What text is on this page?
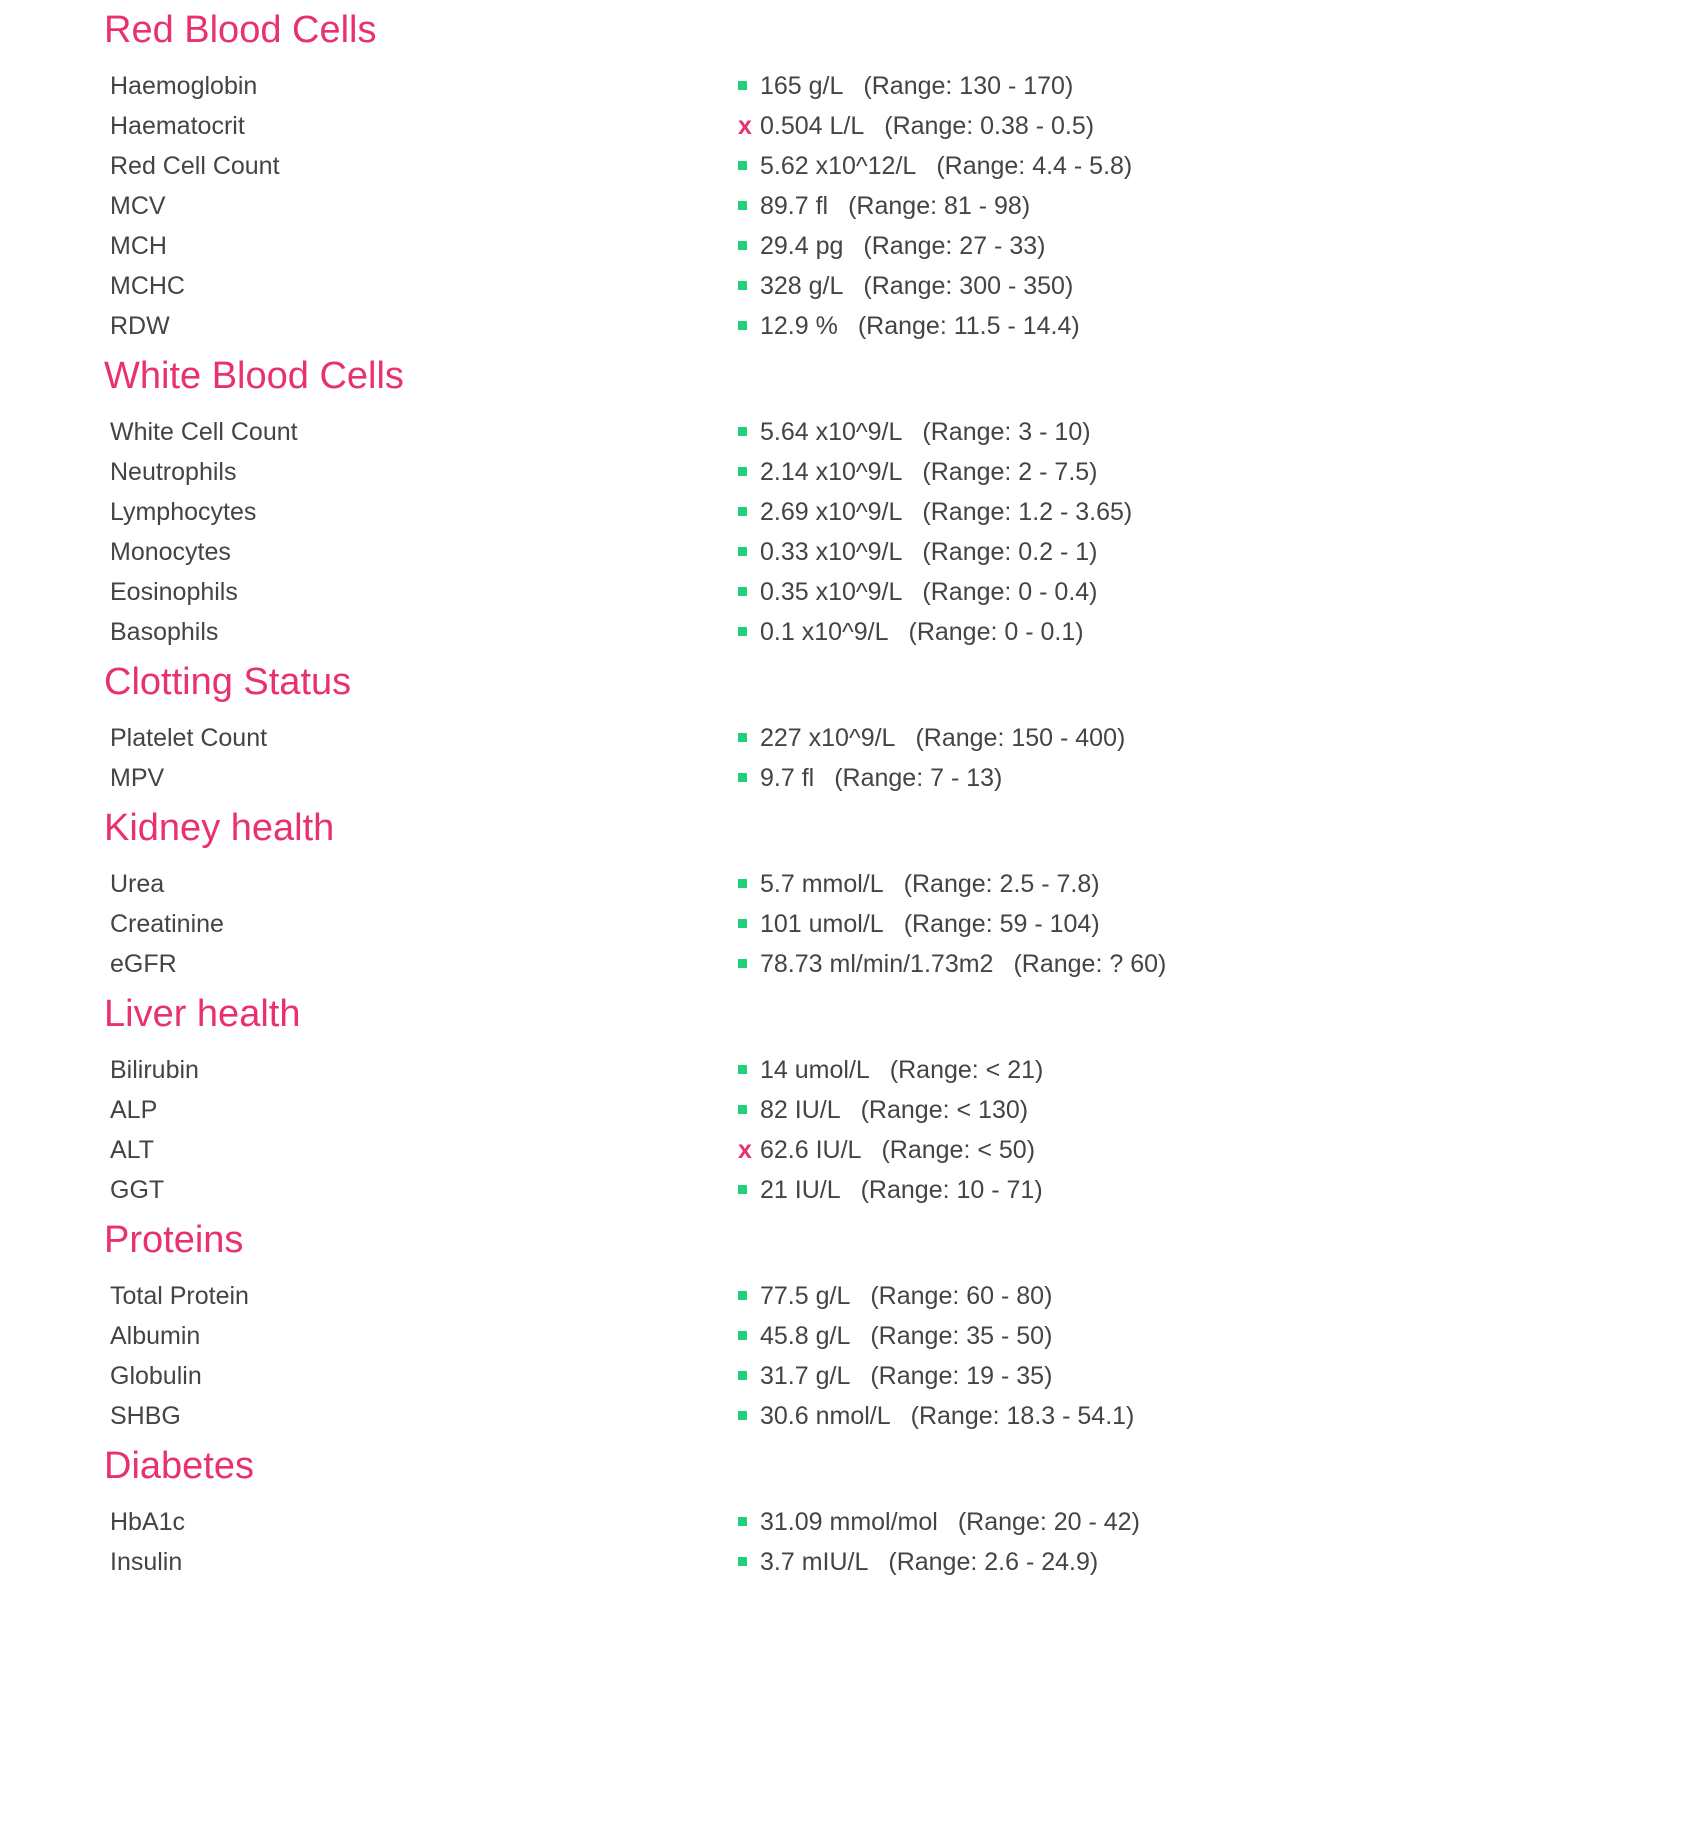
Red Blood Cells
Haemoglobin	165 g/L (Range: 130 - 170)
Haematocrit	x 0.504 L/L (Range: 0.38 - 0.5)
Red Cell Count	5.62 x10^12/L (Range: 4.4 - 5.8)
MCV	89.7 fl (Range: 81 - 98)
MCH	29.4 pg (Range: 27 - 33)
MCHC	328 g/L (Range: 300 - 350)
RDW	12.9 % (Range: 11.5 - 14.4)
White Blood Cells
White Cell Count	5.64 x10^9/L (Range: 3 - 10)
Neutrophils	2.14 x10^9/L (Range: 2 - 7.5)
Lymphocytes	2.69 x10^9/L (Range: 1.2 - 3.65)
Monocytes	0.33 x10^9/L (Range: 0.2 - 1)
Eosinophils	0.35 x10^9/L (Range: 0 - 0.4)
Basophils	0.1 x10^9/L (Range: 0 - 0.1)
Clotting Status
Platelet Count	227 x10^9/L (Range: 150 - 400)
MPV	9.7 fl (Range: 7 - 13)
Kidney health
Urea	5.7 mmol/L (Range: 2.5 - 7.8)
Creatinine	101 umol/L (Range: 59 - 104)
eGFR	78.73 ml/min/1.73m2 (Range: ? 60)
Liver health
Bilirubin	14 umol/L (Range: < 21)
ALP	82 IU/L (Range: < 130)
ALT	x 62.6 IU/L (Range: < 50)
GGT	21 IU/L (Range: 10 - 71)
Proteins
Total Protein	77.5 g/L (Range: 60 - 80)
Albumin	45.8 g/L (Range: 35 - 50)
Globulin	31.7 g/L (Range: 19 - 35)
SHBG	30.6 nmol/L (Range: 18.3 - 54.1)
Diabetes
HbA1c	31.09 mmol/mol (Range: 20 - 42)
Insulin	3.7 mIU/L (Range: 2.6 - 24.9)
